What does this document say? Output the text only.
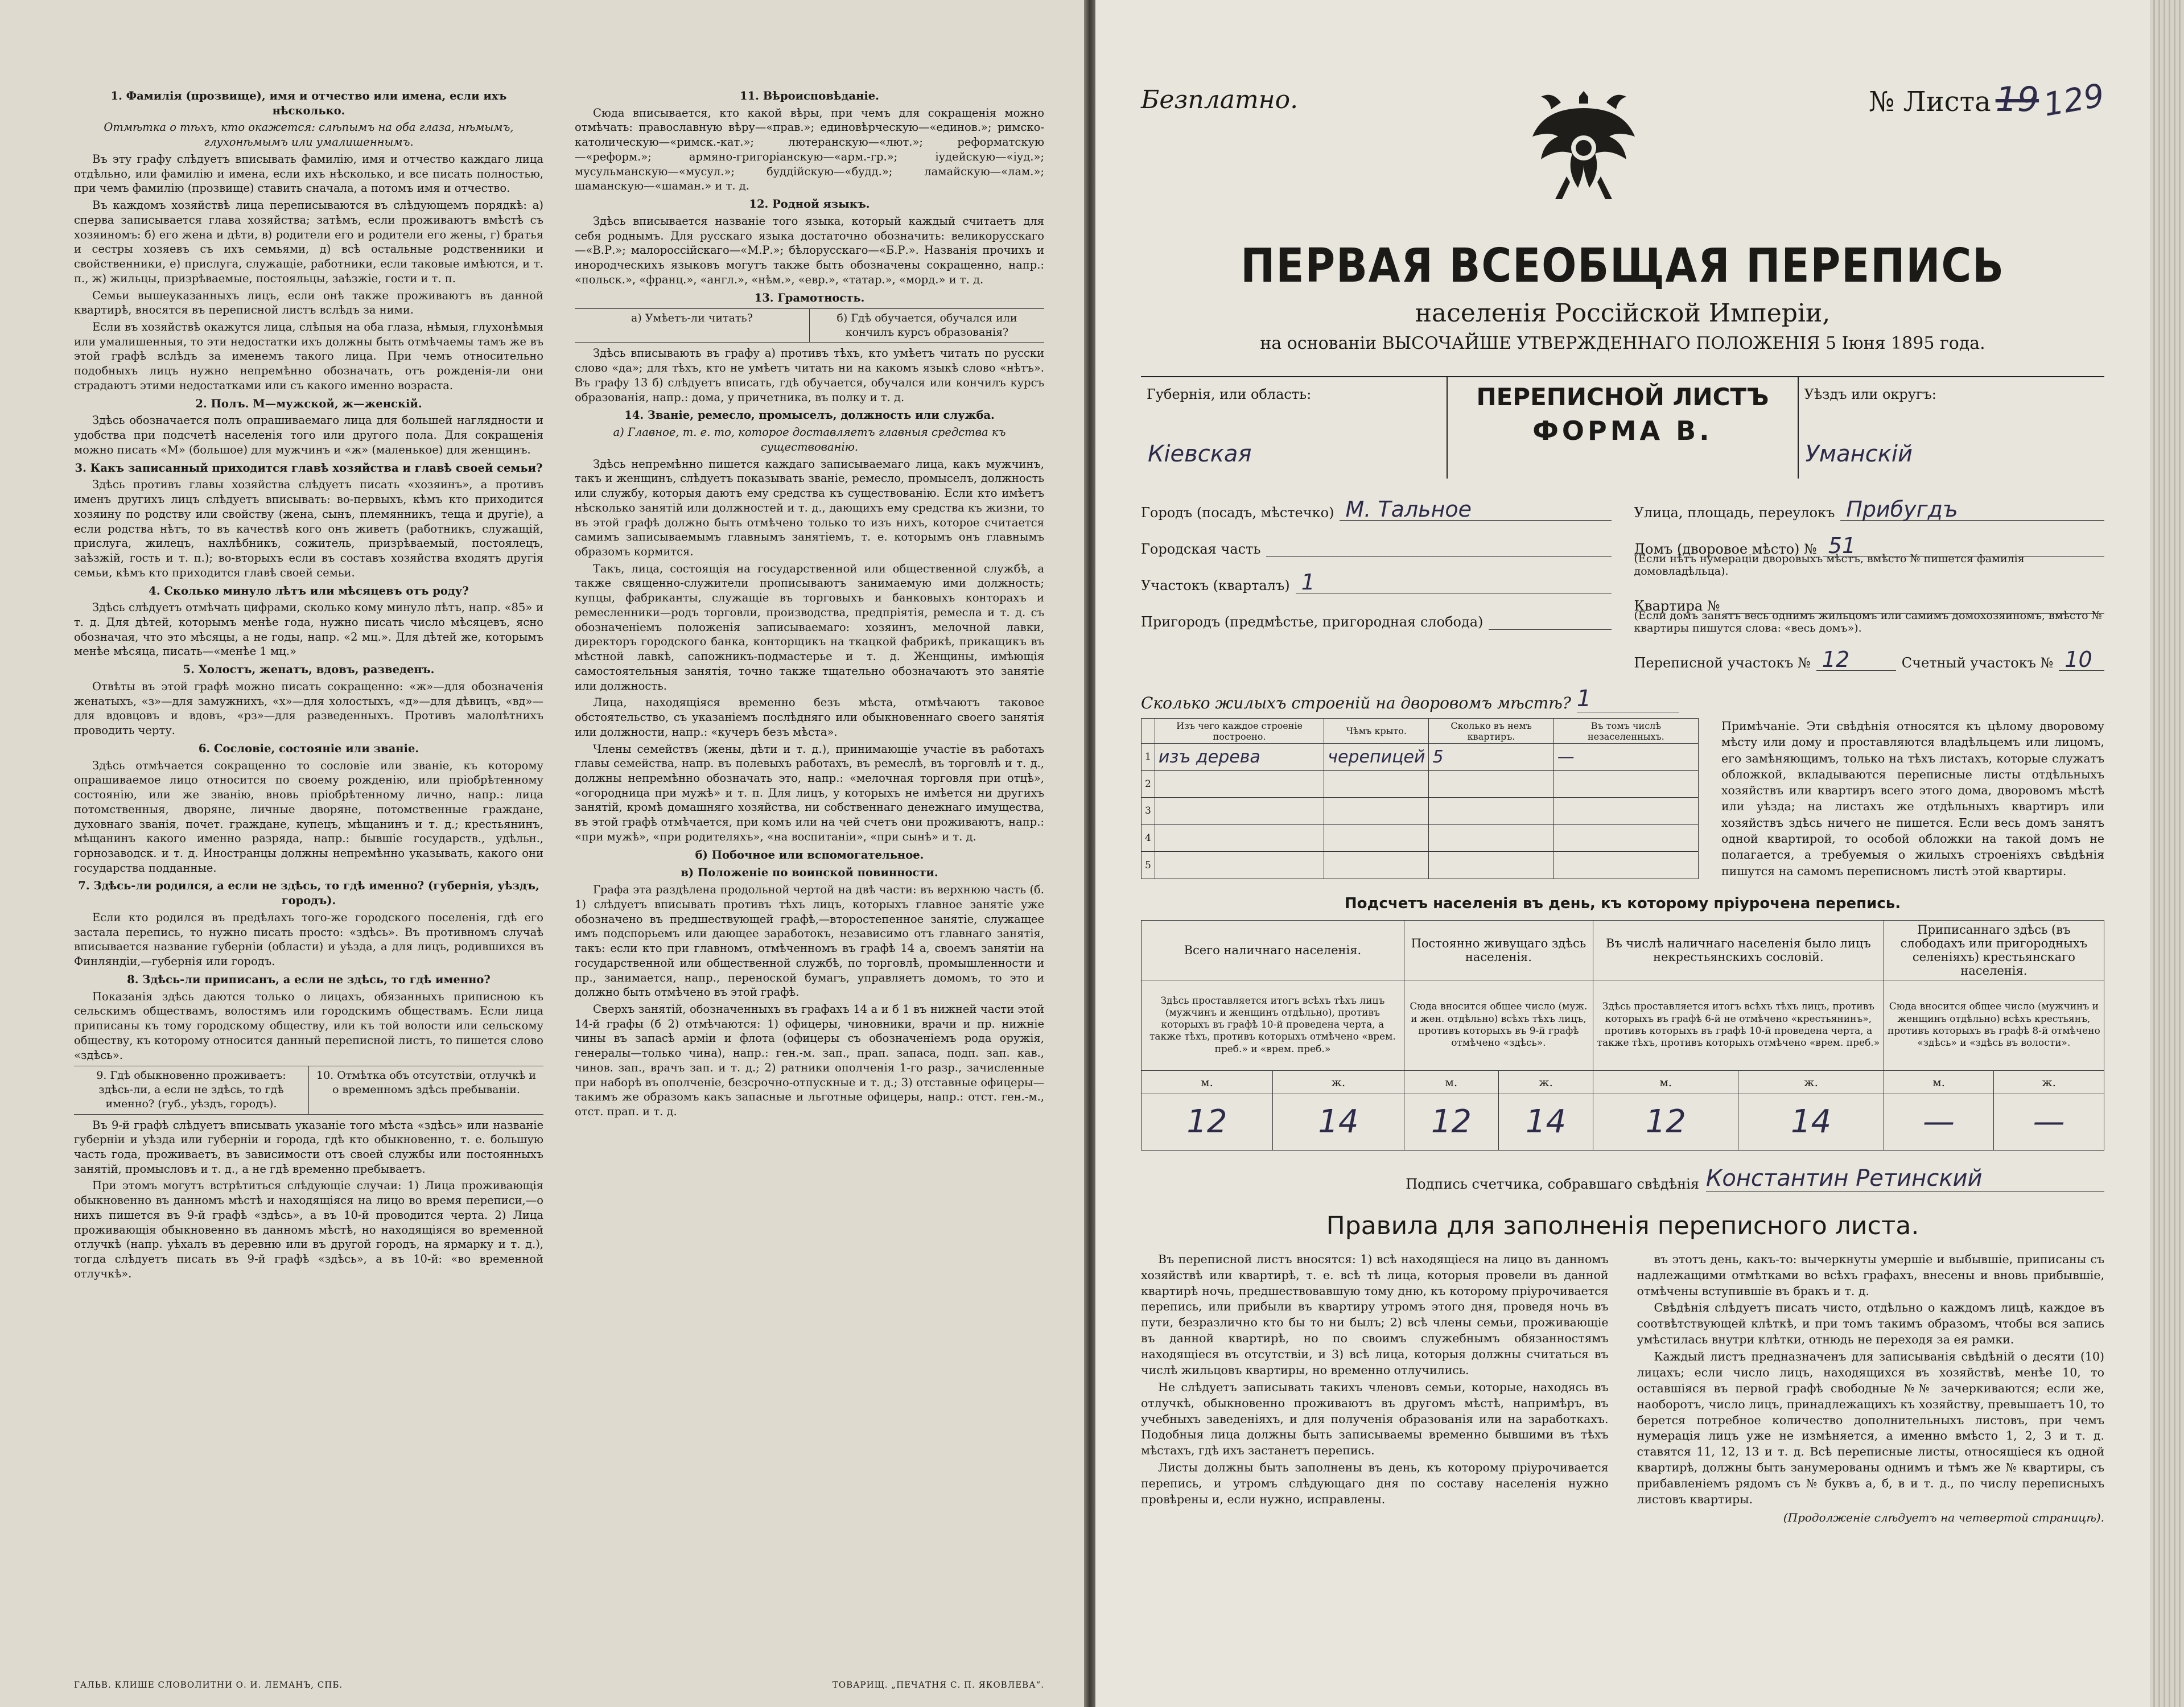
1. Фамилія (прозвище), имя и отчество или имена, если ихъ нѣсколько.

Отмѣтка о тѣхъ, кто окажется: слѣпымъ на оба глаза, нѣмымъ, глухонѣмымъ или умалишеннымъ.

Въ эту графу слѣдуетъ вписывать фамилію, имя и отчество каждаго лица отдѣльно, или фамилію и имена, если ихъ нѣсколько, и все писать полностью, при чемъ фамилію (прозвище) ставить сначала, а потомъ имя и отчество.

Въ каждомъ хозяйствѣ лица переписываются въ слѣдующемъ порядкѣ: а) сперва записывается глава хозяйства; затѣмъ, если проживаютъ вмѣстѣ съ хозяиномъ: б) его жена и дѣти, в) родители его и родители его жены, г) братья и сестры хозяевъ съ ихъ семьями, д) всѣ остальные родственники и свойственники, е) прислуга, служащіе, работники, если таковые имѣются, и т. п., ж) жильцы, призрѣваемые, постояльцы, заѣзжіе, гости и т. п.

Семьи вышеуказанныхъ лицъ, если онѣ также проживаютъ въ данной квартирѣ, вносятся въ переписной листъ вслѣдъ за ними.

Если въ хозяйствѣ окажутся лица, слѣпыя на оба глаза, нѣмыя, глухонѣмыя или умалишенныя, то эти недостатки ихъ должны быть отмѣчаемы тамъ же въ этой графѣ вслѣдъ за именемъ такого лица. При чемъ относительно подобныхъ лицъ нужно непремѣнно обозначать, отъ рожденія-ли они страдаютъ этими недостатками или съ какого именно возраста.

2. Полъ. М—мужской, ж—женскій.

Здѣсь обозначается полъ опрашиваемаго лица для большей наглядности и удобства при подсчетѣ населенія того или другого пола. Для сокращенія можно писать «М» (большое) для мужчинъ и «ж» (маленькое) для женщинъ.

3. Какъ записанный приходится главѣ хозяйства и главѣ своей семьи?

Здѣсь противъ главы хозяйства слѣдуетъ писать «хозяинъ», а противъ именъ другихъ лицъ слѣдуетъ вписывать: во-первыхъ, кѣмъ кто приходится хозяину по родству или свойству (жена, сынъ, племянникъ, теща и другіе), а если родства нѣтъ, то въ качествѣ кого онъ живетъ (работникъ, служащій, прислуга, жилецъ, нахлѣбникъ, сожитель, призрѣваемый, постоялецъ, заѣзжій, гость и т. п.); во-вторыхъ если въ составъ хозяйства входятъ другія семьи, кѣмъ кто приходится главѣ своей семьи.

4. Сколько минуло лѣтъ или мѣсяцевъ отъ роду?

Здѣсь слѣдуетъ отмѣчать цифрами, сколько кому минуло лѣтъ, напр. «85» и т. д. Для дѣтей, которымъ менѣе года, нужно писать число мѣсяцевъ, ясно обозначая, что это мѣсяцы, а не годы, напр. «2 мц.». Для дѣтей же, которымъ менѣе мѣсяца, писать—«менѣе 1 мц.»

5. Холостъ, женатъ, вдовъ, разведенъ.

Отвѣты въ этой графѣ можно писать сокращенно: «ж»—для обозначенія женатыхъ, «з»—для замужнихъ, «х»—для холостыхъ, «д»—для дѣвицъ, «вд»—для вдовцовъ и вдовъ, «рз»—для разведенныхъ. Противъ малолѣтнихъ проводить черту.

6. Сословіе, состояніе или званіе.

Здѣсь отмѣчается сокращенно то сословіе или званіе, къ которому опрашиваемое лицо относится по своему рожденію, или пріобрѣтенному состоянію, или же званію, вновь пріобрѣтенному лично, напр.: лица потомственныя, дворяне, личные дворяне, потомственные граждане, духовнаго званія, почет. граждане, купецъ, мѣщанинъ и т. д.; крестьянинъ, мѣщанинъ какого именно разряда, напр.: бывшіе государств., удѣльн., горнозаводск. и т. д. Иностранцы должны непремѣнно указывать, какого они государства подданные.

7. Здѣсь-ли родился, а если не здѣсь, то гдѣ именно? (губернія, уѣздъ, городъ).

Если кто родился въ предѣлахъ того-же городского поселенія, гдѣ его застала перепись, то нужно писать просто: «здѣсь». Въ противномъ случаѣ вписывается название губерніи (области) и уѣзда, а для лицъ, родившихся въ Финляндіи,—губернія или городъ.

8. Здѣсь-ли приписанъ, а если не здѣсь, то гдѣ именно?

Показанія здѣсь даются только о лицахъ, обязанныхъ приписною къ сельскимъ обществамъ, волостямъ или городскимъ обществамъ. Если лица приписаны къ тому городскому обществу, или къ той волости или сельскому обществу, къ которому относится данный переписной листъ, то пишется слово «здѣсь».

9. Гдѣ обыкновенно проживаетъ: здѣсь-ли, а если не здѣсь, то гдѣ именно? (губ., уѣздъ, городъ).
10. Отмѣтка объ отсутствіи, отлучкѣ и о временномъ здѣсь пребываніи.

Въ 9-й графѣ слѣдуетъ вписывать указаніе того мѣста «здѣсь» или названіе губерніи и уѣзда или губерніи и города, гдѣ кто обыкновенно, т. е. большую часть года, проживаетъ, въ зависимости отъ своей службы или постоянныхъ занятій, промысловъ и т. д., а не гдѣ временно пребываетъ.

При этомъ могутъ встрѣтиться слѣдующіе случаи: 1) Лица проживающія обыкновенно въ данномъ мѣстѣ и находящіяся на лицо во время переписи,—о нихъ пишется въ 9-й графѣ «здѣсь», а въ 10-й проводится черта. 2) Лица проживающія обыкновенно въ данномъ мѣстѣ, но находящіяся во временной отлучкѣ (напр. уѣхалъ въ деревню или въ другой городъ, на ярмарку и т. д.), тогда слѣдуетъ писать въ 9-й графѣ «здѣсь», а въ 10-й: «во временной отлучкѣ».

11. Вѣроисповѣданіе.

Сюда вписывается, кто какой вѣры, при чемъ для сокращенія можно отмѣчать: православную вѣру—«прав.»; единовѣрческую—«единов.»; римско-католическую—«римск.-кат.»; лютеранскую—«лют.»; реформатскую—«реформ.»; армяно-григоріанскую—«арм.-гр.»; іудейскую—«іуд.»; мусульманскую—«мусул.»; буддійскую—«будд.»; ламайскую—«лам.»; шаманскую—«шаман.» и т. д.

12. Родной языкъ.

Здѣсь вписывается названіе того языка, который каждый считаетъ для себя роднымъ. Для русскаго языка достаточно обозначить: великорусскаго—«В.Р.»; малороссійскаго—«М.Р.»; бѣлорусскаго—«Б.Р.». Названія прочихъ и инородческихъ языковъ могутъ также быть обозначены сокращенно, напр.: «польск.», «франц.», «англ.», «нѣм.», «евр.», «татар.», «морд.» и т. д.

13. Грамотность.

а) Умѣетъ-ли читать?	б) Гдѣ обучается, обучался или кончилъ курсъ образованія?

Здѣсь вписывають въ графу а) противъ тѣхъ, кто умѣетъ читать по русски слово «да»; для тѣхъ, кто не умѣетъ читать ни на какомъ языкѣ слово «нѣтъ». Въ графу 13 б) слѣдуетъ вписать, гдѣ обучается, обучался или кончилъ курсъ образованія, напр.: дома, у причетника, въ полку и т. д.

14. Званіе, ремесло, промыселъ, должность или служба.

а) Главное, т. е. то, которое доставляетъ главныя средства къ существованію.

Здѣсь непремѣнно пишется каждаго записываемаго лица, какъ мужчинъ, такъ и женщинъ, слѣдуетъ показывать званіе, ремесло, промыселъ, должность или службу, которыя даютъ ему средства къ существованію. Если кто имѣетъ нѣсколько занятій или должностей и т. д., дающихъ ему средства къ жизни, то въ этой графѣ должно быть отмѣчено только то изъ нихъ, которое считается самимъ записываемымъ главнымъ занятіемъ, т. е. которымъ онъ главнымъ образомъ кормится.

Такъ, лица, состоящія на государственной или общественной службѣ, а также священно-служители прописываютъ занимаемую ими должность; купцы, фабриканты, служащіе въ торговыхъ и банковыхъ конторахъ и ремесленники—родъ торговли, производства, предпріятія, ремесла и т. д. съ обозначеніемъ положенія записываемаго: хозяинъ, мелочной лавки, директоръ городского банка, конторщикъ на ткацкой фабрикѣ, прикащикъ въ мѣстной лавкѣ, сапожникъ-подмастерье и т. д. Женщины, имѣющія самостоятельныя занятія, точно также тщательно обозначаютъ это занятіе или должность.

Лица, находящіяся временно безъ мѣста, отмѣчаютъ таковое обстоятельство, съ указаніемъ послѣдняго или обыкновеннаго своего занятія или должности, напр.: «кучеръ безъ мѣста».

Члены семействъ (жены, дѣти и т. д.), принимающіе участіе въ работахъ главы семейства, напр. въ полевыхъ работахъ, въ ремеслѣ, въ торговлѣ и т. д., должны непремѣнно обозначать это, напр.: «мелочная торговля при отцѣ», «огородница при мужѣ» и т. п. Для лицъ, у которыхъ не имѣется ни другихъ занятій, кромѣ домашняго хозяйства, ни собственнаго денежнаго имущества, въ этой графѣ отмѣчается, при комъ или на чей счетъ они проживаютъ, напр.: «при мужѣ», «при родителяхъ», «на воспитаніи», «при сынѣ» и т. д.

б) Побочное или вспомогательное.

в) Положеніе по воинской повинности.

Графа эта раздѣлена продольной чертой на двѣ части: въ верхнюю часть (б. 1) слѣдуетъ вписывать противъ тѣхъ лицъ, которыхъ главное занятіе уже обозначено въ предшествующей графѣ,—второстепенное занятіе, служащее имъ подспорьемъ или дающее заработокъ, независимо отъ главнаго занятія, такъ: если кто при главномъ, отмѣченномъ въ графѣ 14 а, своемъ занятіи на государственной или общественной службѣ, по торговлѣ, промышленности и пр., занимается, напр., переноской бумагъ, управляетъ домомъ, то это и должно быть отмѣчено въ этой графѣ.

Сверхъ занятій, обозначенныхъ въ графахъ 14 а и б 1 въ нижней части этой 14-й графы (б 2) отмѣчаются: 1) офицеры, чиновники, врачи и пр. нижніе чины въ запасѣ арміи и флота (офицеры съ обозначеніемъ рода оружія, генералы—только чина), напр.: ген.-м. зап., прап. запаса, подп. зап. кав., чинов. зап., врачъ зап. и т. д.; 2) ратники ополченія 1-го разр., зачисленные при наборѣ въ ополченіе, безсрочно-отпускные и т. д.; 3) отставные офицеры—такимъ же образомъ какъ запасные и льготные офицеры, напр.: отст. ген.-м., отст. прап. и т. д.

ГАЛЬВ. КЛИШЕ СЛОВОЛИТНИ О. И. ЛЕМАНЪ, СПБ.	ТОВАРИЩ. „ПЕЧАТНЯ С. П. ЯКОВЛЕВА“.
Безплатно.	№ Листа 19 129
ПЕРВАЯ ВСЕОБЩАЯ ПЕРЕПИСЬ
населенія Россійской Имперіи,
на основаніи ВЫСОЧАЙШЕ УТВЕРЖДЕННАГО ПОЛОЖЕНІЯ 5 Іюня 1895 года.
Губернія, или область:
Кіевская
ПЕРЕПИСНОЙ ЛИСТЪ
ФОРМА В.
Уѣздъ или округъ:
Уманскій
Городъ (посадъ, мѣстечко) М. Тальное
Городская часть
Участокъ (кварталъ) 1
Пригородъ (предмѣстье, пригородная слобода)
Улица, площадь, переулокъ Прибугдъ
Домъ (дворовое мѣсто) № 51
(Если нѣтъ нумераціи дворовыхъ мѣстъ, вмѣсто № пишется фамилія домовладѣльца).
Квартира №
(Если домъ занятъ весь однимъ жильцомъ или самимъ домохозяиномъ, вмѣсто № квартиры пишутся слова: «весь домъ»).
Переписной участокъ № 12	Счетный участокъ № 10
Сколько жилыхъ строеній на дворовомъ мѣстѣ? 1
	Изъ чего каждое строеніе построено.	Чѣмъ крыто.	Сколько въ немъ квартиръ.	Въ томъ числѣ незаселенныхъ.
1	изъ дерева	черепицей	5	—
2				
3				
4				
5				
Примѣчаніе. Эти свѣдѣнія относятся къ цѣлому дворовому мѣсту или дому и проставляются владѣльцемъ или лицомъ, его замѣняющимъ, только на тѣхъ листахъ, которые служатъ обложкой, вкладываются переписные листы отдѣльныхъ хозяйствъ или квартиръ всего этого дома, дворовомъ мѣстѣ или уѣзда; на листахъ же отдѣльныхъ квартиръ или хозяйствъ здѣсь ничего не пишется. Если весь домъ занятъ одной квартирой, то особой обложки на такой домъ не полагается, а требуемыя о жилыхъ строеніяхъ свѣдѣнія пишутся на самомъ переписномъ листѣ этой квартиры.
Подсчетъ населенія въ день, къ которому пріурочена перепись.
Всего наличнаго населенія.		Постоянно живущаго здѣсь населенія.		Въ числѣ наличнаго населенія было лицъ некрестьянскихъ сословій.		Приписаннаго здѣсь (въ слободахъ или пригородныхъ селеніяхъ) крестьянскаго населенія.	
Здѣсь проставляется итогъ всѣхъ тѣхъ лицъ (мужчинъ и женщинъ отдѣльно), противъ которыхъ въ графѣ 10-й проведена черта, а также тѣхъ, противъ которыхъ отмѣчено «врем. преб.» и «врем. преб.»		Сюда вносится общее число (муж. и жен. отдѣльно) всѣхъ тѣхъ лицъ, противъ которыхъ въ 9-й графѣ отмѣчено «здѣсь».		Здѣсь проставляется итогъ всѣхъ тѣхъ лицъ, противъ которыхъ въ графѣ 6-й не отмѣчено «крестьянинъ», противъ которыхъ въ графѣ 10-й проведена черта, а также тѣхъ, противъ которыхъ отмѣчено «врем. преб.»		Сюда вносится общее число (мужчинъ и женщинъ отдѣльно) всѣхъ крестьянъ, противъ которыхъ въ графѣ 8-й отмѣчено «здѣсь» и «здѣсь въ волости».	
м.	ж.	м.	ж.	м.	ж.	м.	ж.
12	14	12	14	12	14	—	—
Подпись счетчика, собравшаго свѣдѣнія Константин Ретинский
Правила для заполненія переписного листа.

Въ переписной листъ вносятся: 1) всѣ находящіеся на лицо въ данномъ хозяйствѣ или квартирѣ, т. е. всѣ тѣ лица, которыя провели въ данной квартирѣ ночь, предшествовавшую тому дню, къ которому пріурочивается перепись, или прибыли въ квартиру утромъ этого дня, проведя ночь въ пути, безразлично кто бы то ни былъ; 2) всѣ члены семьи, проживающіе въ данной квартирѣ, но по своимъ служебнымъ обязанностямъ находящіеся въ отсутствіи, и 3) всѣ лица, которыя должны считаться въ числѣ жильцовъ квартиры, но временно отлучились.

Не слѣдуетъ записывать такихъ членовъ семьи, которые, находясь въ отлучкѣ, обыкновенно проживаютъ въ другомъ мѣстѣ, напримѣръ, въ учебныхъ заведеніяхъ, и для полученія образованія или на заработкахъ. Подобныя лица должны быть записываемы временно бывшими въ тѣхъ мѣстахъ, гдѣ ихъ застанетъ перепись.

Листы должны быть заполнены въ день, къ которому пріурочивается перепись, и утромъ слѣдующаго дня по составу населенія нужно провѣрены и, если нужно, исправлены.

въ этотъ день, какъ-то: вычеркнуты умершіе и выбывшіе, приписаны съ надлежащими отмѣтками во всѣхъ графахъ, внесены и вновь прибывшіе, отмѣчены вступившіе въ бракъ и т. д.

Свѣдѣнія слѣдуетъ писать чисто, отдѣльно о каждомъ лицѣ, каждое въ соотвѣтствующей клѣткѣ, и при томъ такимъ образомъ, чтобы вся запись умѣстилась внутри клѣтки, отнюдь не переходя за ея рамки.

Каждый листъ предназначенъ для записыванія свѣдѣній о десяти (10) лицахъ; если число лицъ, находящихся въ хозяйствѣ, менѣе 10, то оставшіяся въ первой графѣ свободные №№ зачеркиваются; если же, наоборотъ, число лицъ, принадлежащихъ къ хозяйству, превышаетъ 10, то берется потребное количество дополнительныхъ листовъ, при чемъ нумерація лицъ уже не измѣняется, а именно вмѣсто 1, 2, 3 и т. д. ставятся 11, 12, 13 и т. д. Всѣ переписные листы, относящіеся къ одной квартирѣ, должны быть занумерованы однимъ и тѣмъ же № квартиры, съ прибавленіемъ рядомъ съ № буквъ а, б, в и т. д., по числу переписныхъ листовъ квартиры.

(Продолженіе слѣдуетъ на четвертой страницѣ).
